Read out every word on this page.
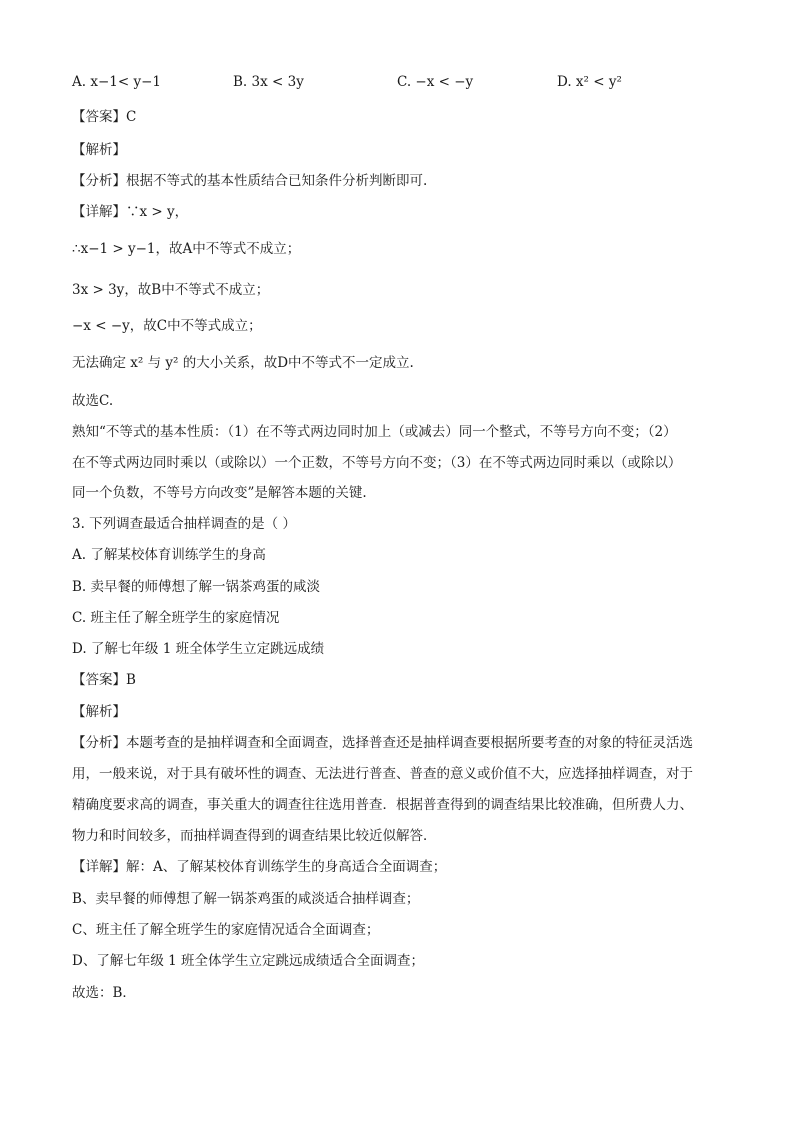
A. x−1< y−1	B. 3x < 3y	C. −x < −y	D. x² < y²
【答案】C
【解析】
【分析】根据不等式的基本性质结合已知条件分析判断即可.
【详解】∵x > y，
∴x−1 > y−1，故A中不等式不成立；
3x > 3y，故B中不等式不成立；
−x < −y，故C中不等式成立；
无法确定 x² 与 y² 的大小关系，故D中不等式不一定成立.
故选C.
熟知“不等式的基本性质：（1）在不等式两边同时加上（或减去）同一个整式，不等号方向不变；（2）
在不等式两边同时乘以（或除以）一个正数，不等号方向不变；（3）在不等式两边同时乘以（或除以）
同一个负数，不等号方向改变”是解答本题的关键.
3. 下列调查最适合抽样调查的是（ ）
A. 了解某校体育训练学生的身高
B. 卖早餐的师傅想了解一锅茶鸡蛋的咸淡
C. 班主任了解全班学生的家庭情况
D. 了解七年级 1 班全体学生立定跳远成绩
【答案】B
【解析】
【分析】本题考查的是抽样调查和全面调查，选择普查还是抽样调查要根据所要考查的对象的特征灵活选
用，一般来说，对于具有破坏性的调查、无法进行普查、普查的意义或价值不大，应选择抽样调查，对于
精确度要求高的调查，事关重大的调查往往选用普查．根据普查得到的调查结果比较准确，但所费人力、
物力和时间较多，而抽样调查得到的调查结果比较近似解答．
【详解】解：A、了解某校体育训练学生的身高适合全面调查；
B、卖早餐的师傅想了解一锅茶鸡蛋的咸淡适合抽样调查；
C、班主任了解全班学生的家庭情况适合全面调查；
D、了解七年级 1 班全体学生立定跳远成绩适合全面调查；
故选：B．
